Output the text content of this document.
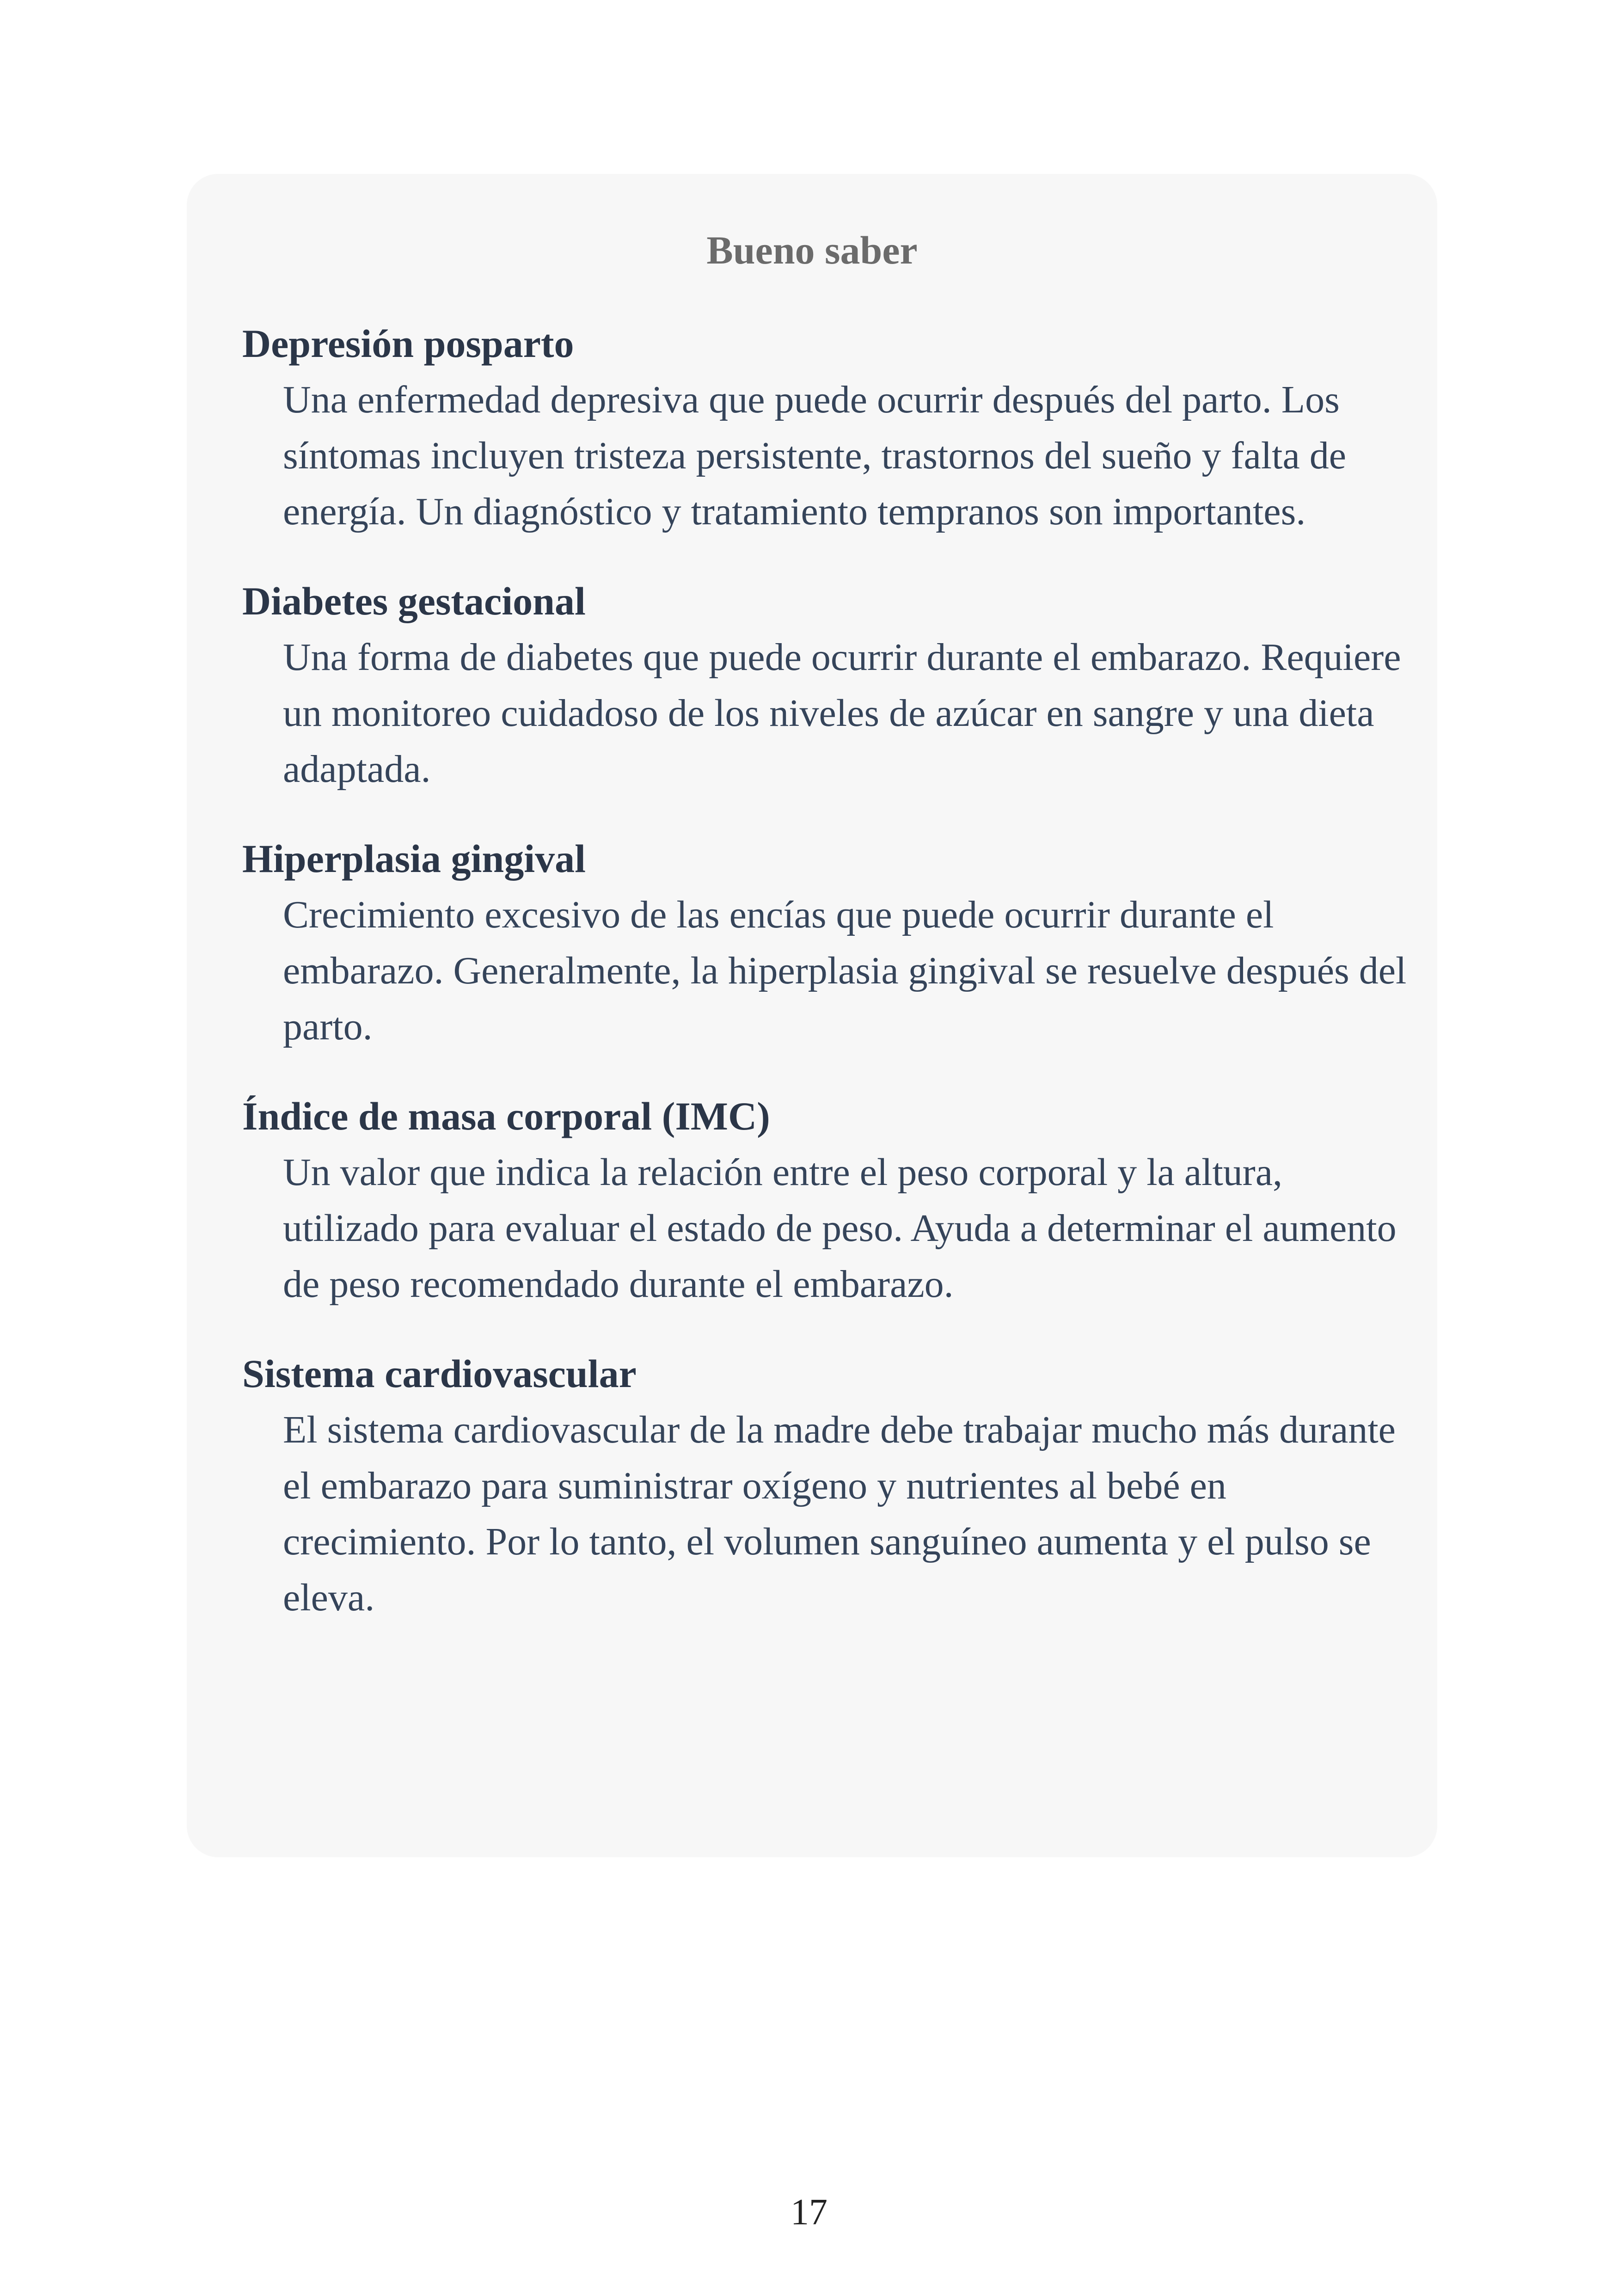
Bueno saber
Depresión posparto

Una enfermedad depresiva que puede ocurrir después del parto. Los síntomas incluyen tristeza persistente, trastornos del sueño y falta de energía. Un diagnóstico y tratamiento tempranos son importantes.

Diabetes gestacional

Una forma de diabetes que puede ocurrir durante el embarazo. Requiere un monitoreo cuidadoso de los niveles de azúcar en sangre y una dieta adaptada.

Hiperplasia gingival

Crecimiento excesivo de las encías que puede ocurrir durante el embarazo. Generalmente, la hiperplasia gingival se resuelve después del parto.

Índice de masa corporal (IMC)

Un valor que indica la relación entre el peso corporal y la altura, utilizado para evaluar el estado de peso. Ayuda a determinar el aumento de peso recomendado durante el embarazo.

Sistema cardiovascular

El sistema cardiovascular de la madre debe trabajar mucho más durante el embarazo para suministrar oxígeno y nutrientes al bebé en crecimiento. Por lo tanto, el volumen sanguíneo aumenta y el pulso se eleva.

17
